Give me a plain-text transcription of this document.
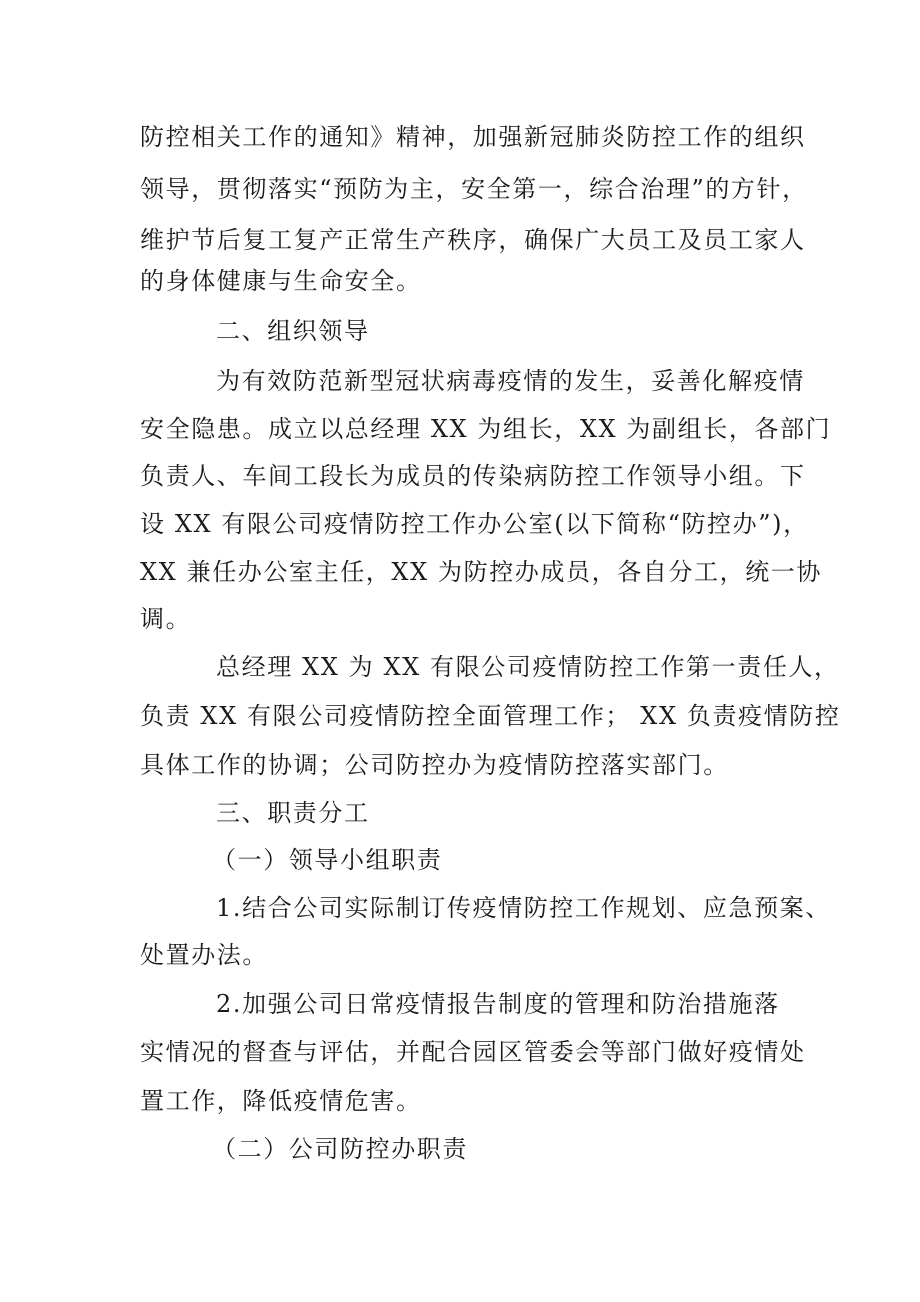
防控相关工作的通知》精神，加强新冠肺炎防控工作的组织
领导，贯彻落实“预防为主，安全第一，综合治理”的方针，
维护节后复工复产正常生产秩序，确保广大员工及员工家人
的身体健康与生命安全。
二、组织领导
为有效防范新型冠状病毒疫情的发生，妥善化解疫情
安全隐患。成立以总经理 XX 为组长，XX 为副组长，各部门
负责人、车间工段长为成员的传染病防控工作领导小组。下
设 XX 有限公司疫情防控工作办公室(以下简称“防控办”)，
XX 兼任办公室主任，XX 为防控办成员，各自分工，统一协
调。
总经理 XX 为 XX 有限公司疫情防控工作第一责任人，
负责 XX 有限公司疫情防控全面管理工作； XX 负责疫情防控
具体工作的协调；公司防控办为疫情防控落实部门。
三、职责分工
（一）领导小组职责
1.结合公司实际制订传疫情防控工作规划、应急预案、
处置办法。
2.加强公司日常疫情报告制度的管理和防治措施落
实情况的督查与评估，并配合园区管委会等部门做好疫情处
置工作，降低疫情危害。
（二）公司防控办职责
